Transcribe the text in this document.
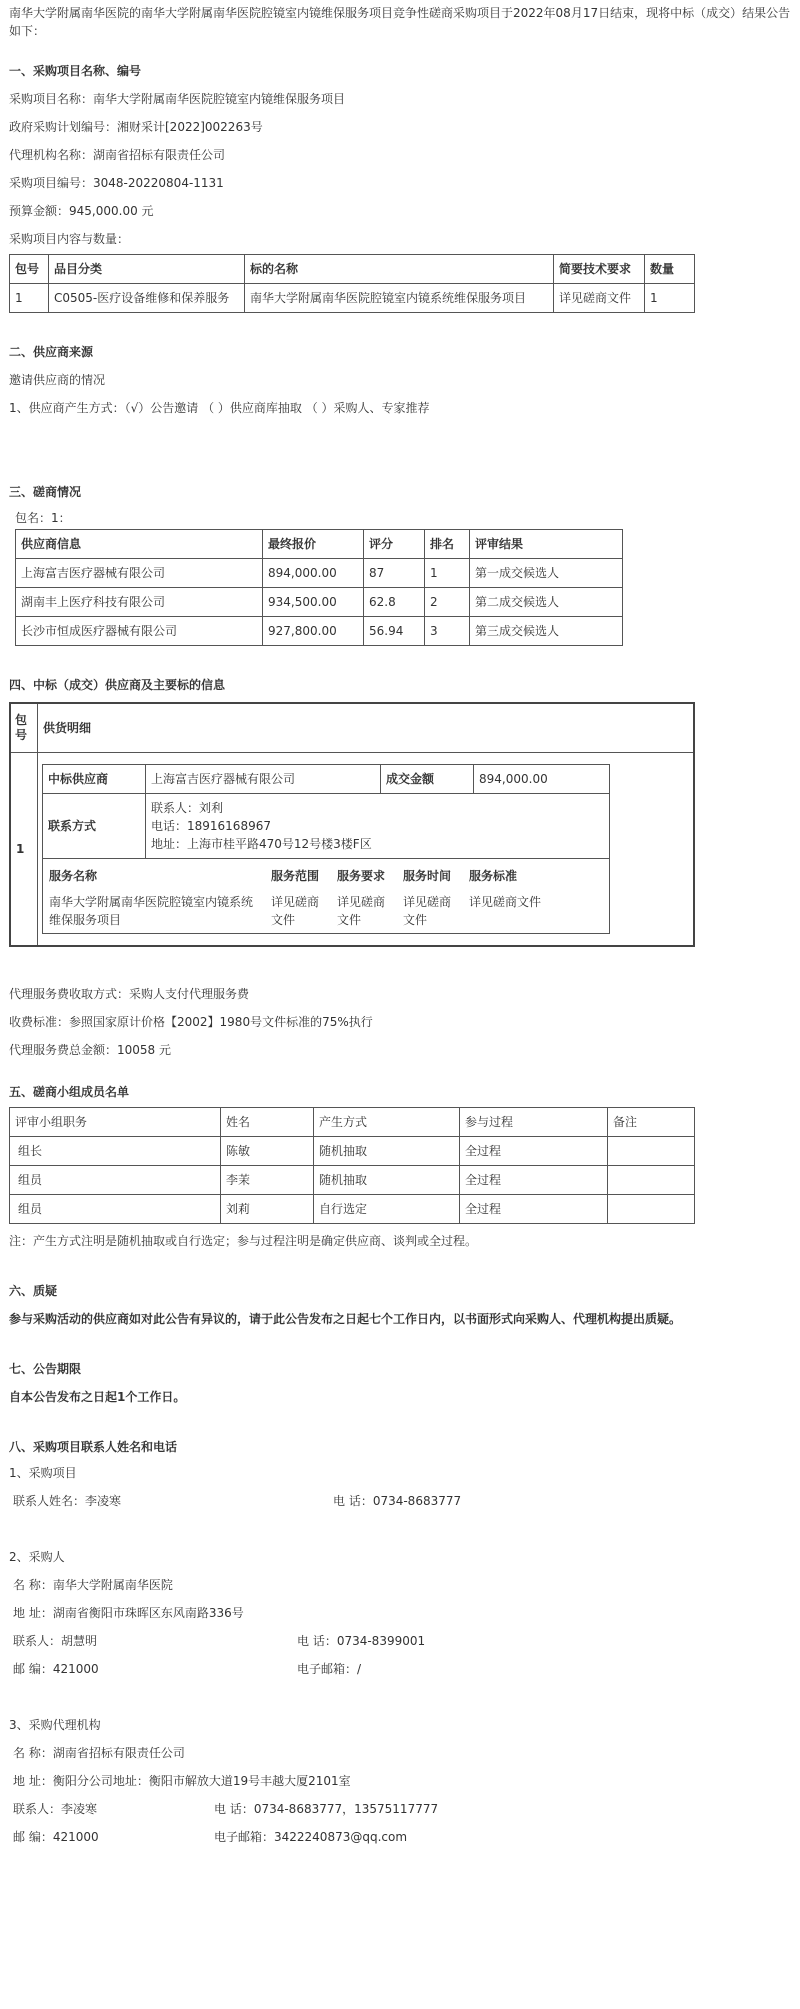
南华大学附属南华医院的南华大学附属南华医院腔镜室内镜维保服务项目竞争性磋商采购项目于2022年08月17日结束，现将中标（成交）结果公告如下：

一、采购项目名称、编号

采购项目名称：南华大学附属南华医院腔镜室内镜维保服务项目

政府采购计划编号：湘财采计[2022]002263号

代理机构名称：湖南省招标有限责任公司

采购项目编号：3048-20220804-1131

预算金额：945,000.00 元

采购项目内容与数量：

包号	品目分类	标的名称	简要技术要求	数量
1	C0505-医疗设备维修和保养服务	南华大学附属南华医院腔镜室内镜系统维保服务项目	详见磋商文件	1

二、供应商来源

邀请供应商的情况

1、供应商产生方式：（√）公告邀请 （ ）供应商库抽取 （ ）采购人、专家推荐

三、磋商情况

包名：1：

供应商信息	最终报价	评分	排名	评审结果
上海富吉医疗器械有限公司	894,000.00	87	1	第一成交候选人
湖南丰上医疗科技有限公司	934,500.00	62.8	2	第二成交候选人
长沙市恒成医疗器械有限公司	927,800.00	56.94	3	第三成交候选人

四、中标（成交）供应商及主要标的信息

包号	供货明细
1	
中标供应商	上海富吉医疗器械有限公司	成交金额	894,000.00
联系方式	
联系人：刘利
电话：18916168967
地址：上海市桂平路470号12号楼3楼F区

服务名称	服务范围	服务要求	服务时间	服务标准
南华大学附属南华医院腔镜室内镜系统维保服务项目	详见磋商文件	详见磋商文件	详见磋商文件	详见磋商文件

代理服务费收取方式：采购人支付代理服务费

收费标准：参照国家原计价格【2002】1980号文件标准的75%执行

代理服务费总金额：10058 元

五、磋商小组成员名单

评审小组职务	姓名	产生方式	参与过程	备注
组长	陈敏	随机抽取	全过程	
组员	李茉	随机抽取	全过程	
组员	刘莉	自行选定	全过程	

注：产生方式注明是随机抽取或自行选定；参与过程注明是确定供应商、谈判或全过程。

六、质疑

参与采购活动的供应商如对此公告有异议的，请于此公告发布之日起七个工作日内，以书面形式向采购人、代理机构提出质疑。

七、公告期限

自本公告发布之日起1个工作日。

八、采购项目联系人姓名和电话

1、采购项目

联系人姓名：李凌寒	电 话：0734-8683777

2、采购人

名 称：南华大学附属南华医院

地 址：湖南省衡阳市珠晖区东风南路336号

联系人：胡慧明	电 话：0734-8399001
邮 编：421000	电子邮箱：/

3、采购代理机构

名 称：湖南省招标有限责任公司

地 址：衡阳分公司地址：衡阳市解放大道19号丰越大厦2101室

联系人：李凌寒	电 话：0734-8683777，13575117777
邮 编：421000	电子邮箱：3422240873@qq.com
